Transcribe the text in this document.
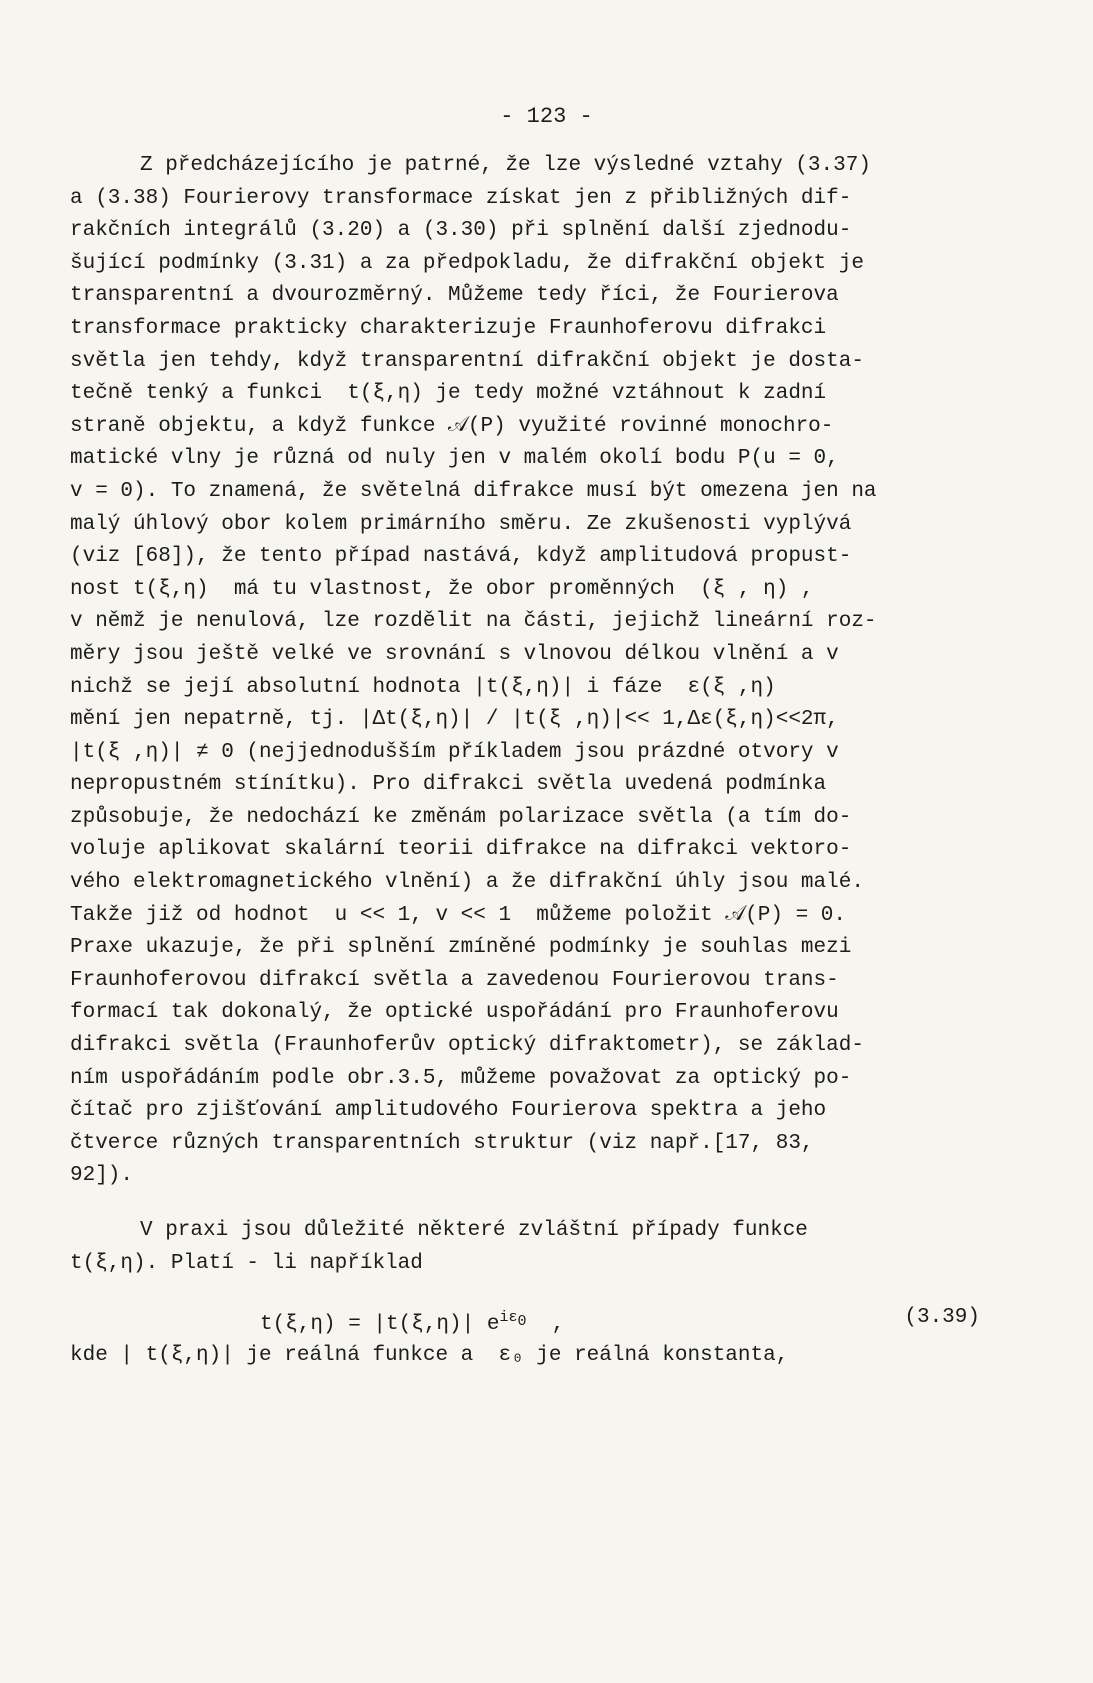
- 123 -
Z předcházejícího je patrné, že lze výsledné vztahy (3.37)
a (3.38) Fourierovy transformace získat jen z přibližných dif-
rakčních integrálů (3.20) a (3.30) při splnění další zjednodu-
šující podmínky (3.31) a za předpokladu, že difrakční objekt je
transparentní a dvourozměrný. Můžeme tedy říci, že Fourierova
transformace prakticky charakterizuje Fraunhoferovu difrakci
světla jen tehdy, když transparentní difrakční objekt je dosta-
tečně tenký a funkci  t(ξ,η) je tedy možné vztáhnout k zadní
straně objektu, a když funkce 𝒜(P) využité rovinné monochro-
matické vlny je různá od nuly jen v malém okolí bodu P(u = 0,
v = 0). To znamená, že světelná difrakce musí být omezena jen na
malý úhlový obor kolem primárního směru. Ze zkušenosti vyplývá
(viz [68]), že tento případ nastává, když amplitudová propust-
nost t(ξ,η)  má tu vlastnost, že obor proměnných  (ξ , η) ,
v němž je nenulová, lze rozdělit na části, jejichž lineární roz-
měry jsou ještě velké ve srovnání s vlnovou délkou vlnění a v
nichž se její absolutní hodnota |t(ξ,η)| i fáze  ε(ξ ,η)
mění jen nepatrně, tj. |Δt(ξ,η)| / |t(ξ ,η)|<< 1,Δε(ξ,η)<<2π,
|t(ξ ,η)| ≠ 0 (nejjednodušším příkladem jsou prázdné otvory v
nepropustném stínítku). Pro difrakci světla uvedená podmínka
způsobuje, že nedochází ke změnám polarizace světla (a tím do-
voluje aplikovat skalární teorii difrakce na difrakci vektoro-
vého elektromagnetického vlnění) a že difrakční úhly jsou malé.
Takže již od hodnot  u << 1, v << 1  můžeme položit 𝒜(P) = 0.
Praxe ukazuje, že při splnění zmíněné podmínky je souhlas mezi
Fraunhoferovou difrakcí světla a zavedenou Fourierovou trans-
formací tak dokonalý, že optické uspořádání pro Fraunhoferovu
difrakci světla (Fraunhoferův optický difraktometr), se základ-
ním uspořádáním podle obr.3.5, můžeme považovat za optický po-
čítač pro zjišťování amplitudového Fourierova spektra a jeho
čtverce různých transparentních struktur (viz např.[17, 83,
92]).
V praxi jsou důležité některé zvláštní případy funkce
t(ξ,η). Platí - li například
t(ξ,η) = |t(ξ,η)| $e^{i\varepsilon_0}$  ,	(3.39)
kde | t(ξ,η)| je reálná funkce a  ε₀ je reálná konstanta,
